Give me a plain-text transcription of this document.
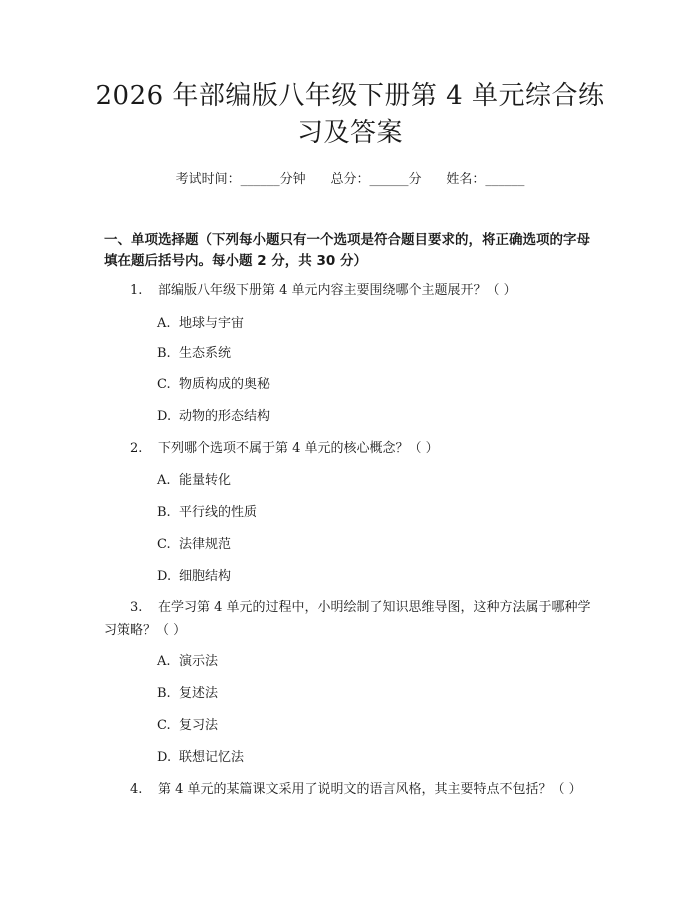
2026 年部编版八年级下册第 4 单元综合练习及答案
考试时间：______分钟 总分：______分 姓名：______
一、单项选择题（下列每小题只有一个选项是符合题目要求的，将正确选项的字母填在题后括号内。每小题 2 分，共 30 分）
1. 部编版八年级下册第 4 单元内容主要围绕哪个主题展开？（ ）
A. 地球与宇宙
B. 生态系统
C. 物质构成的奥秘
D. 动物的形态结构
2. 下列哪个选项不属于第 4 单元的核心概念？（ ）
A. 能量转化
B. 平行线的性质
C. 法律规范
D. 细胞结构
3. 在学习第 4 单元的过程中，小明绘制了知识思维导图，这种方法属于哪种学习策略？（ ）
A. 演示法
B. 复述法
C. 复习法
D. 联想记忆法
4. 第 4 单元的某篇课文采用了说明文的语言风格，其主要特点不包括？（ ）
